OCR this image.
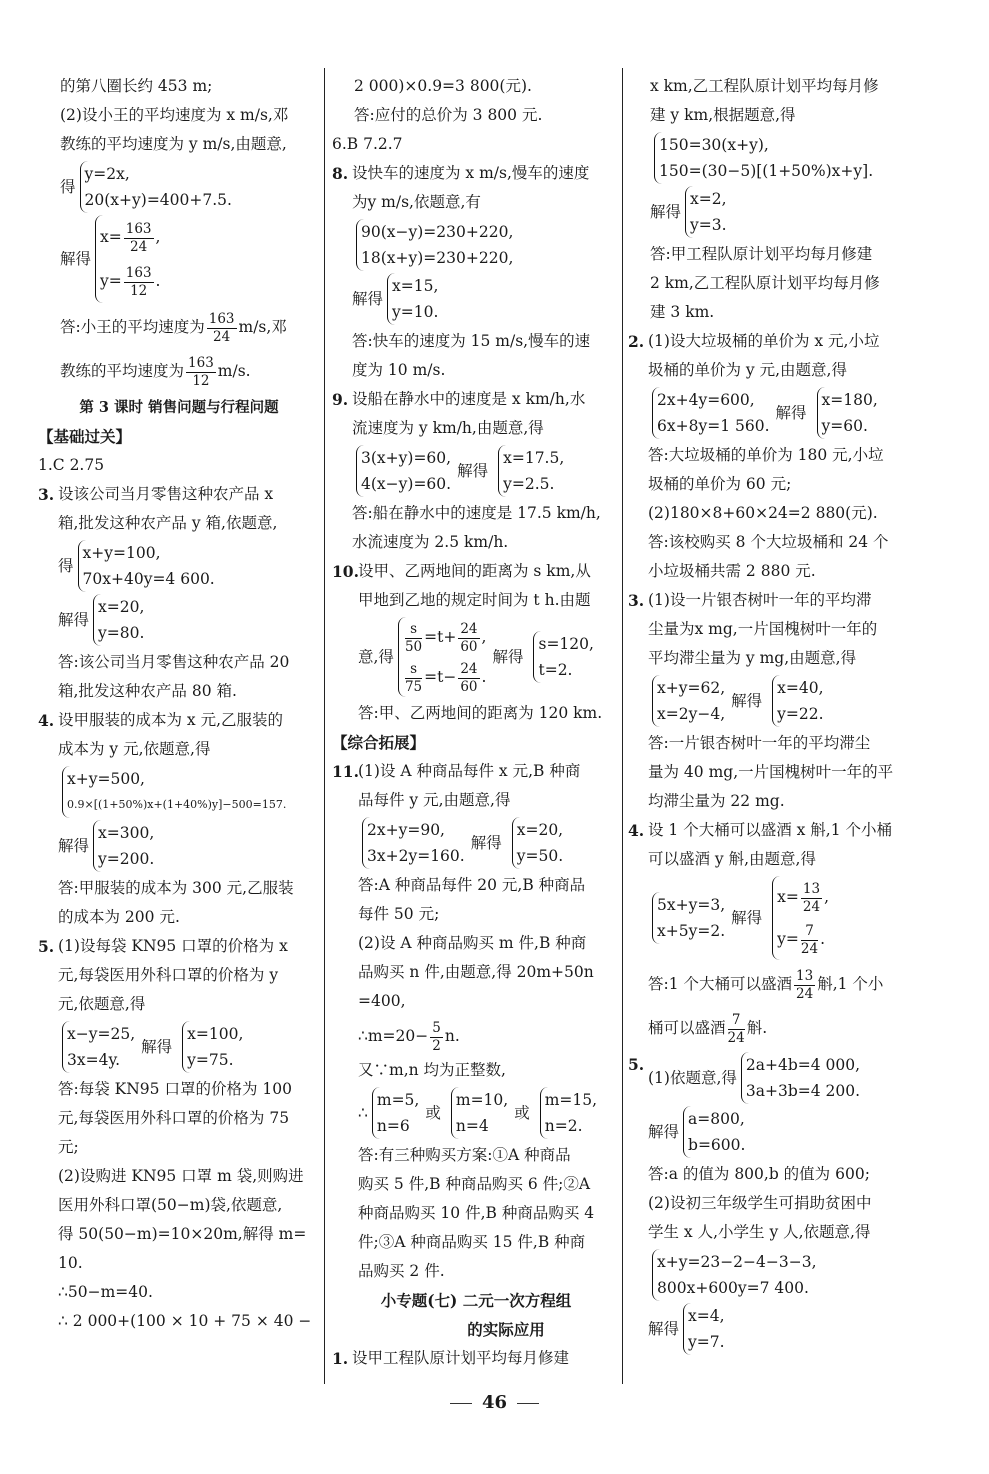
的第八圈长约 453 m;
(2)设小王的平均速度为 x m/s,邓
教练的平均速度为 y m/s,由题意,
得
y=2x,
20(x+y)=400+7.5.
解得
$x= \frac{163}{24}$ ,
$y= \frac{163}{12}$ .
答:小王的平均速度为 $\frac{163}{24} m/s$,邓
教练的平均速度为 $\frac{163}{12} m/s$.
第 3 课时 销售问题与行程问题
【基础过关】
1.C 2.75
3. 设该公司当月零售这种农产品 x
箱,批发这种农产品 y 箱,依题意,
得
x+y=100,
70x+40y=4 600.
解得
x=20,
y=80.
答:该公司当月零售这种农产品 20
箱,批发这种农产品 80 箱.
4. 设甲服装的成本为 x 元,乙服装的
成本为 y 元,依题意,得
x+y=500,
0.9×[(1+50%)x+(1+40%)y]−500=157.
解得
x=300,
y=200.
答:甲服装的成本为 300 元,乙服装
的成本为 200 元.
5. (1)设每袋 KN95 口罩的价格为 x
元,每袋医用外科口罩的价格为 y
元,依题意,得
x−y=25,
3x=4y.
解得
x=100,
y=75.
答:每袋 KN95 口罩的价格为 100
元,每袋医用外科口罩的价格为 75
元;
(2)设购进 KN95 口罩 m 袋,则购进
医用外科口罩(50−m)袋,依题意,
得 50(50−m)=10×20m,解得 m=
10.
∴50−m=40.
∴ 2 000+(100 × 10 + 75 × 40 −
2 000)×0.9=3 800(元).
答:应付的总价为 3 800 元.
6.B 7.2.7
8. 设快车的速度为 x m/s,慢车的速度
为y m/s,依题意,有
90(x−y)=230+220,
18(x+y)=230+220,
解得
x=15,
y=10.
答:快车的速度为 15 m/s,慢车的速
度为 10 m/s.
9. 设船在静水中的速度是 x km/h,水
流速度为 y km/h,由题意,得
3(x+y)=60,
4(x−y)=60.
解得
x=17.5,
y=2.5.
答:船在静水中的速度是 17.5 km/h,
水流速度为 2.5 km/h.
10. 设甲、乙两地间的距离为 s km,从
甲地到乙地的规定时间为 t h.由题
意,得
$\frac{s}{50} =t+ \frac{24}{60}$ ,
$\frac{s}{75} =t- \frac{24}{60}$ .
解得
s=120,
t=2.
答:甲、乙两地间的距离为 120 km.
【综合拓展】
11. (1)设 A 种商品每件 x 元,B 种商
品每件 y 元,由题意,得
2x+y=90,
3x+2y=160.
解得
x=20,
y=50.
答:A 种商品每件 20 元,B 种商品
每件 50 元;
(2)设 A 种商品购买 m 件,B 种商
品购买 n 件,由题意,得 20m+50n
=400,
∴m=20− $\frac{5}{2} n$.
又∵m,n 均为正整数,
∴
m=5,
n=6
或
m=10,
n=4
或
m=15,
n=2.
答:有三种购买方案:①A 种商品
购买 5 件,B 种商品购买 6 件;②A
种商品购买 10 件,B 种商品购买 4
件;③A 种商品购买 15 件,B 种商
品购买 2 件.
小专题(七) 二元一次方程组
的实际应用
1. 设甲工程队原计划平均每月修建
x km,乙工程队原计划平均每月修
建 y km,根据题意,得
150=30(x+y),
150=(30−5)[(1+50%)x+y].
解得
x=2,
y=3.
答:甲工程队原计划平均每月修建
2 km,乙工程队原计划平均每月修
建 3 km.
2. (1)设大垃圾桶的单价为 x 元,小垃
圾桶的单价为 y 元,由题意,得
2x+4y=600,
6x+8y=1 560.
解得
x=180,
y=60.
答:大垃圾桶的单价为 180 元,小垃
圾桶的单价为 60 元;
(2)180×8+60×24=2 880(元).
答:该校购买 8 个大垃圾桶和 24 个
小垃圾桶共需 2 880 元.
3. (1)设一片银杏树叶一年的平均滞
尘量为x mg,一片国槐树叶一年的
平均滞尘量为 y mg,由题意,得
x+y=62,
x=2y−4,
解得
x=40,
y=22.
答:一片银杏树叶一年的平均滞尘
量为 40 mg,一片国槐树叶一年的平
均滞尘量为 22 mg.
4. 设 1 个大桶可以盛酒 x 斛,1 个小桶
可以盛酒 y 斛,由题意,得
5x+y=3,
x+5y=2.
解得
$x= \frac{13}{24}$ ,
$y= \frac{7}{24}$ .
答:1 个大桶可以盛酒 $\frac{13}{24}$ 斛,1 个小
桶可以盛酒 $\frac{7}{24}$ 斛.
5.
(1)依题意,得
2a+4b=4 000,
3a+3b=4 200.
解得
a=800,
b=600.
答:a 的值为 800,b 的值为 600;
(2)设初三年级学生可捐助贫困中
学生 x 人,小学生 y 人,依题意,得
x+y=23−2−4−3−3,
800x+600y=7 400.
解得
x=4,
y=7.
46
